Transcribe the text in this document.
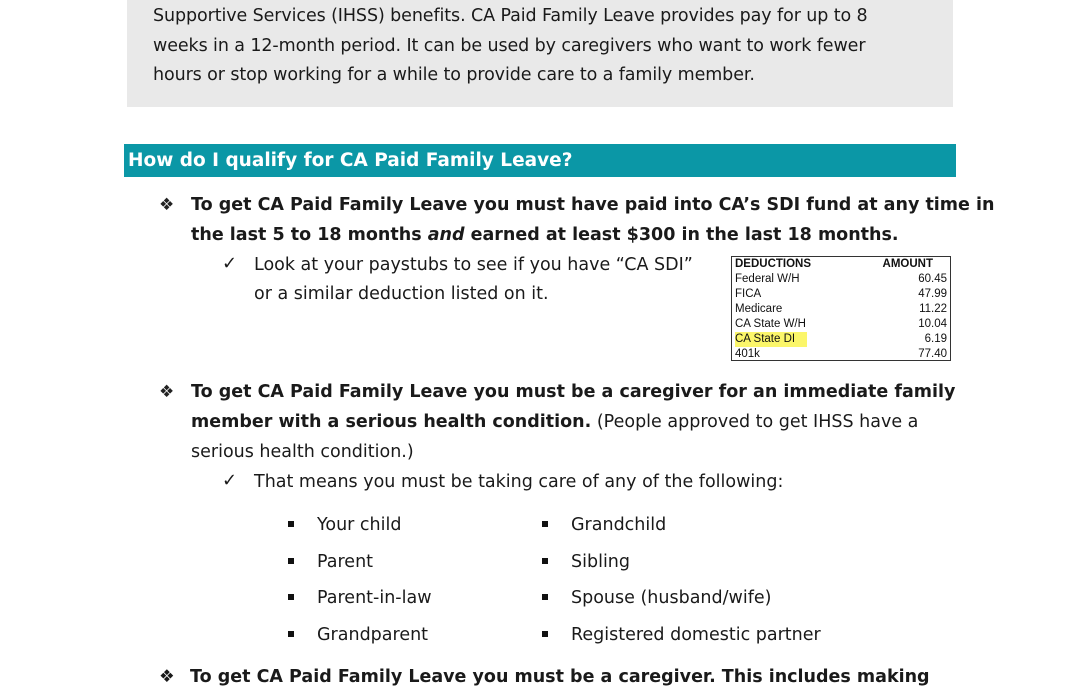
Supportive Services (IHSS) benefits. CA Paid Family Leave provides pay for up to 8
weeks in a 12-month period. It can be used by caregivers who want to work fewer
hours or stop working for a while to provide care to a family member.
How do I qualify for CA Paid Family Leave?
❖ To get CA Paid Family Leave you must have paid into CA’s SDI fund at any time in
the last 5 to 18 months and earned at least $300 in the last 18 months.
✓ Look at your paystubs to see if you have “CA SDI”
or a similar deduction listed on it.
DEDUCTIONS	AMOUNT
Federal W/H	60.45
FICA	47.99
Medicare	11.22
CA State W/H	10.04
CA State DI	6.19
401k	77.40
❖ To get CA Paid Family Leave you must be a caregiver for an immediate family
member with a serious health condition. (People approved to get IHSS have a
serious health condition.)
✓ That means you must be taking care of any of the following:
Your child
Parent
Parent-in-law
Grandparent
Grandchild
Sibling
Spouse (husband/wife)
Registered domestic partner
❖ To get CA Paid Family Leave you must be a caregiver. This includes making
